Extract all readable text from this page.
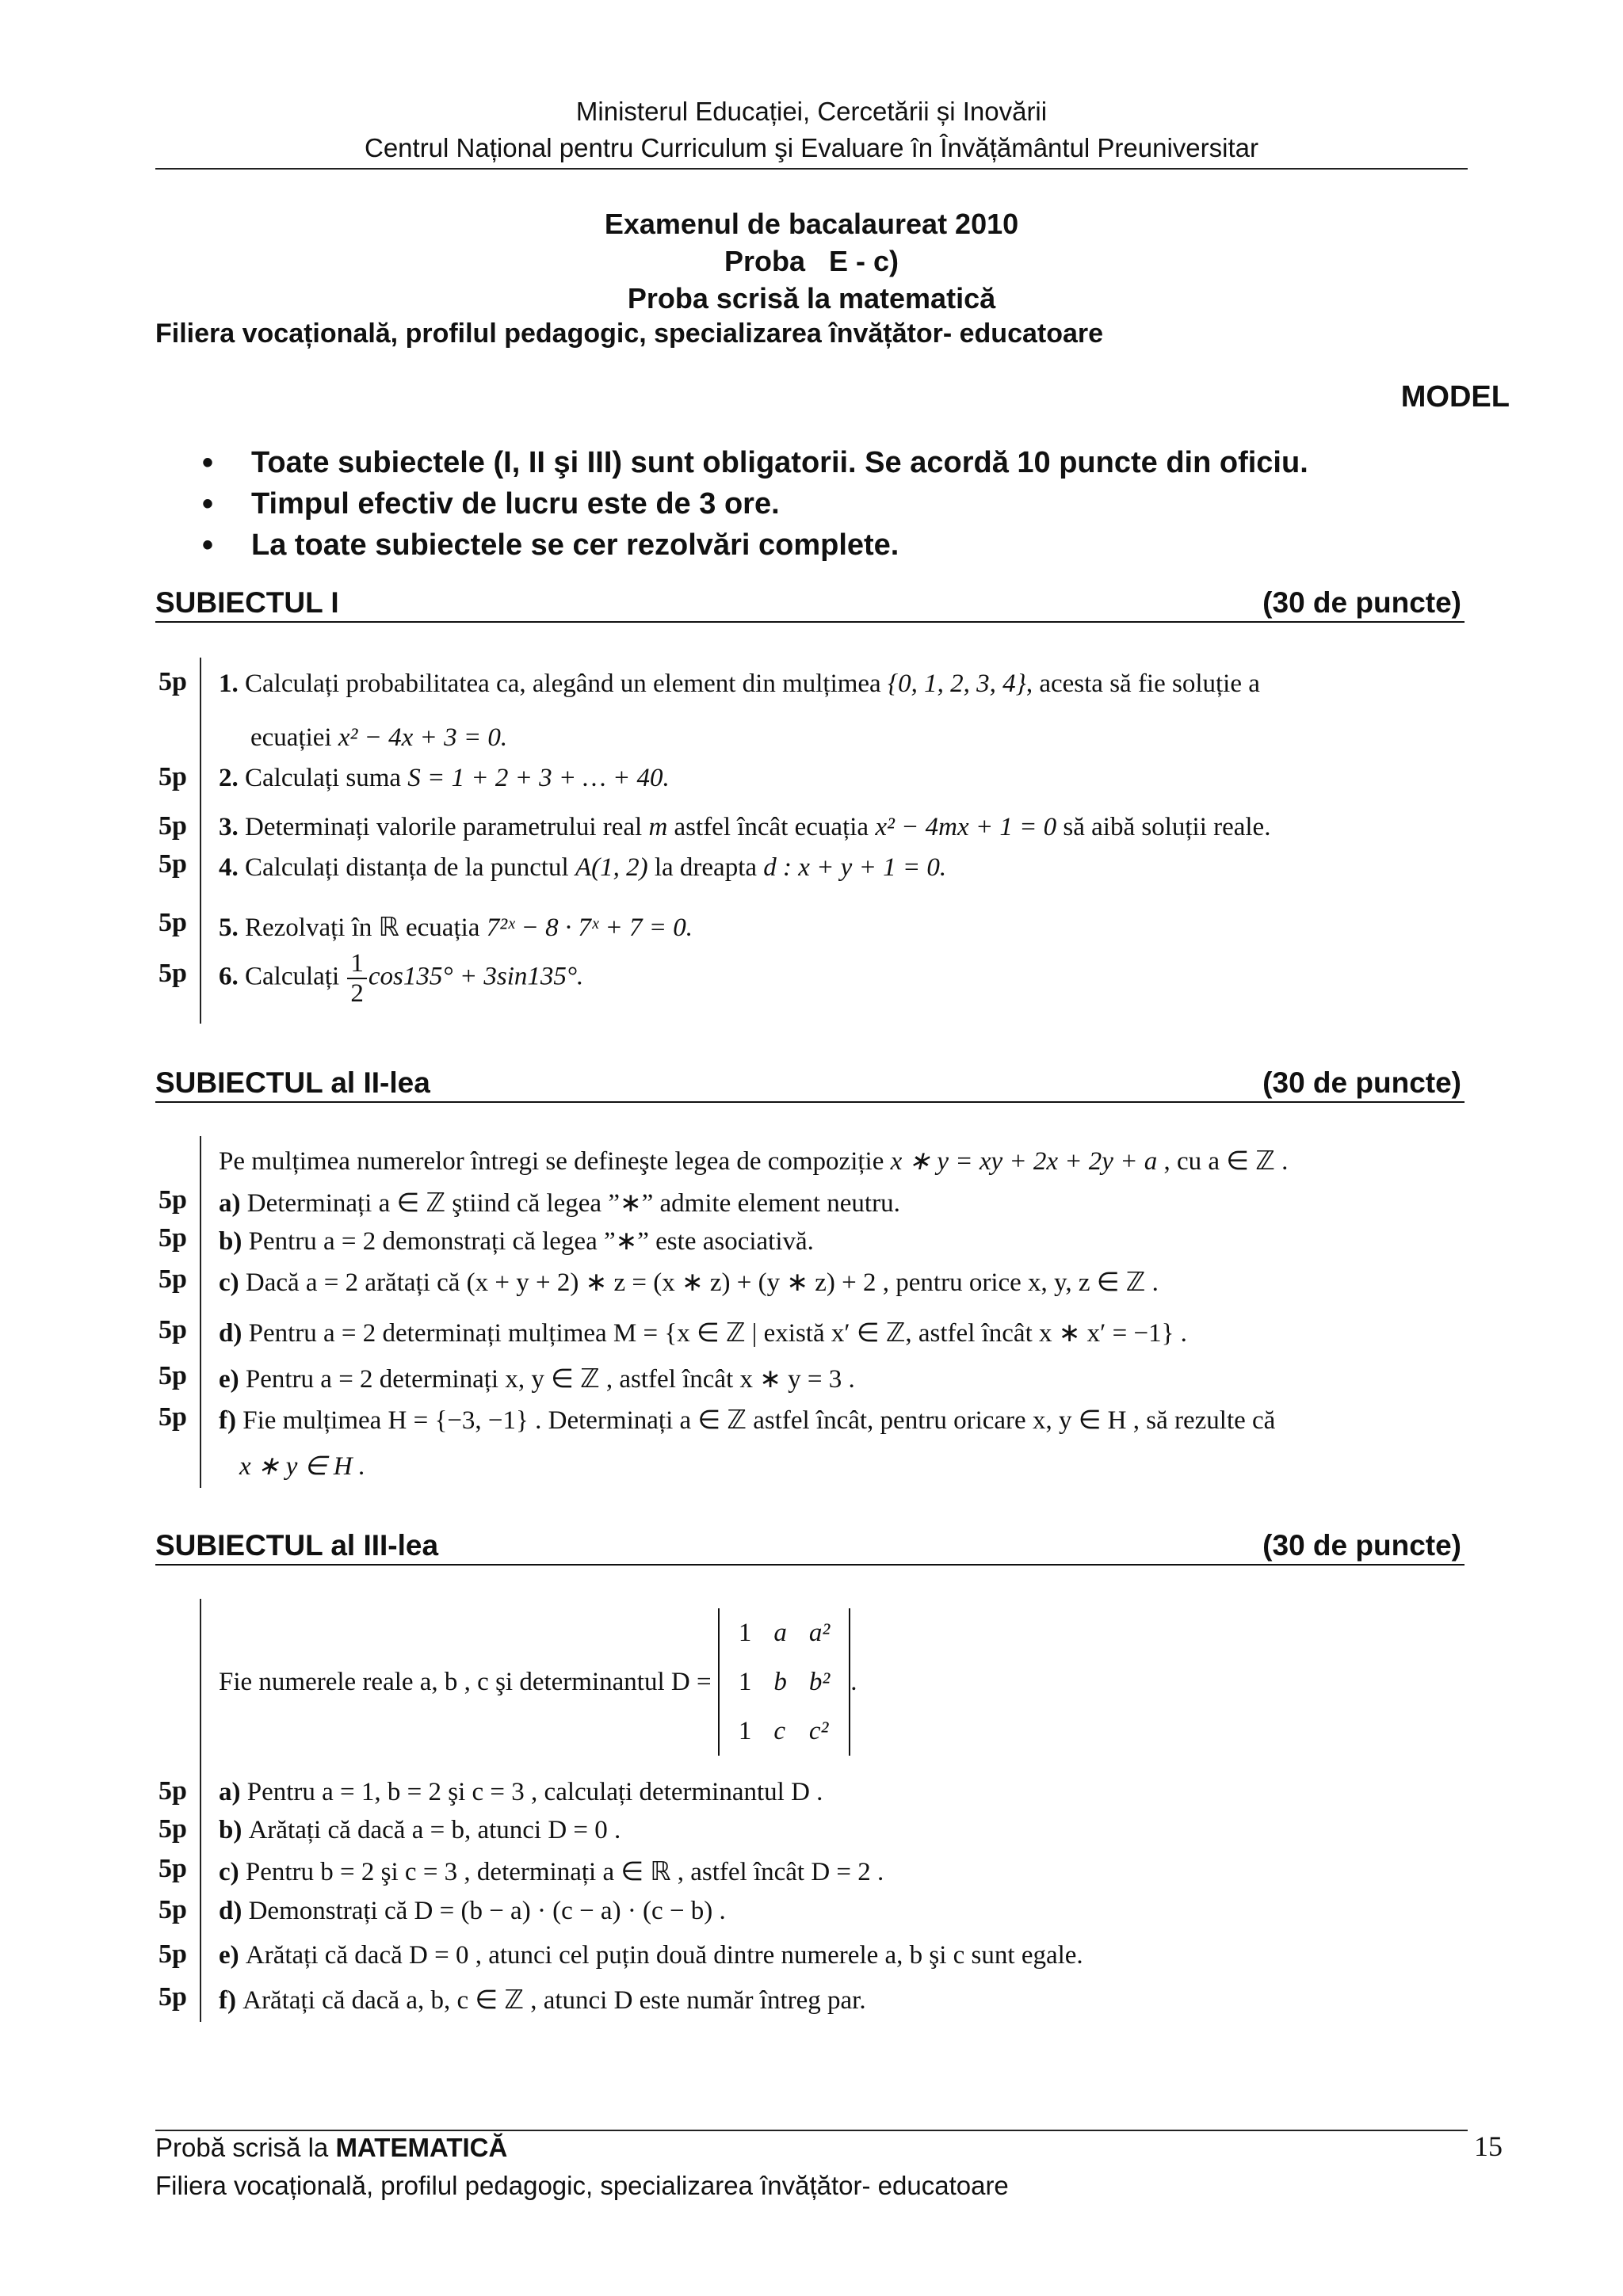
Ministerul Educației, Cercetării și Inovării
Centrul Național pentru Curriculum şi Evaluare în Învățământul Preuniversitar
Examenul de bacalaureat 2010
Proba   E - c)
Proba scrisă la matematică
Filiera vocațională, profilul pedagogic, specializarea învățător- educatoare
MODEL
• Toate subiectele (I, II şi III) sunt obligatorii. Se acordă 10 puncte din oficiu.
• Timpul efectiv de lucru este de 3 ore.
• La toate subiectele se cer rezolvări complete.
SUBIECTUL I	(30 de puncte)
5p 1. Calculați probabilitatea ca, alegând un element din mulțimea {0, 1, 2, 3, 4}, acesta să fie soluție a
ecuației x² − 4x + 3 = 0.
5p 2. Calculați suma S = 1 + 2 + 3 + … + 40.
5p 3. Determinați valorile parametrului real m astfel încât ecuația x² − 4mx + 1 = 0 să aibă soluții reale.
5p 4. Calculați distanța de la punctul A(1, 2) la dreapta d : x + y + 1 = 0.
5p 5. Rezolvați în ℝ ecuația 7²ˣ − 8 · 7ˣ + 7 = 0.
5p 6. Calculați $\frac{1}{2} \cos 135^\circ + 3\sin 135^\circ$.
SUBIECTUL al II-lea	(30 de puncte)
Pe mulțimea numerelor întregi se defineşte legea de compoziție x ∗ y = xy + 2x + 2y + a , cu a ∈ ℤ .
5p a) Determinați a ∈ ℤ ştiind că legea ”∗” admite element neutru.
5p b) Pentru a = 2 demonstrați că legea ”∗” este asociativă.
5p c) Dacă a = 2 arătați că (x + y + 2) ∗ z = (x ∗ z) + (y ∗ z) + 2 , pentru orice x, y, z ∈ ℤ .
5p d) Pentru a = 2 determinați mulțimea M = {x ∈ ℤ | există x′ ∈ ℤ, astfel încât x ∗ x′ = −1} .
5p e) Pentru a = 2 determinați x, y ∈ ℤ , astfel încât x ∗ y = 3 .
5p f) Fie mulțimea H = {−3, −1} . Determinați a ∈ ℤ astfel încât, pentru oricare x, y ∈ H , să rezulte că
x ∗ y ∈ H .
SUBIECTUL al III-lea	(30 de puncte)
Fie numerele reale a, b , c şi determinantul D =
1	a	a²
1	b	b²
1	c	c²
.
5p a) Pentru a = 1, b = 2 şi c = 3 , calculați determinantul D .
5p b) Arătați că dacă a = b, atunci D = 0 .
5p c) Pentru b = 2 şi c = 3 , determinați a ∈ ℝ , astfel încât D = 2 .
5p d) Demonstrați că D = (b − a) · (c − a) · (c − b) .
5p e) Arătați că dacă D = 0 , atunci cel puțin două dintre numerele a, b şi c sunt egale.
5p f) Arătați că dacă a, b, c ∈ ℤ , atunci D este număr întreg par.
Probă scrisă la MATEMATICĂ	15
Filiera vocațională, profilul pedagogic, specializarea învățător- educatoare
